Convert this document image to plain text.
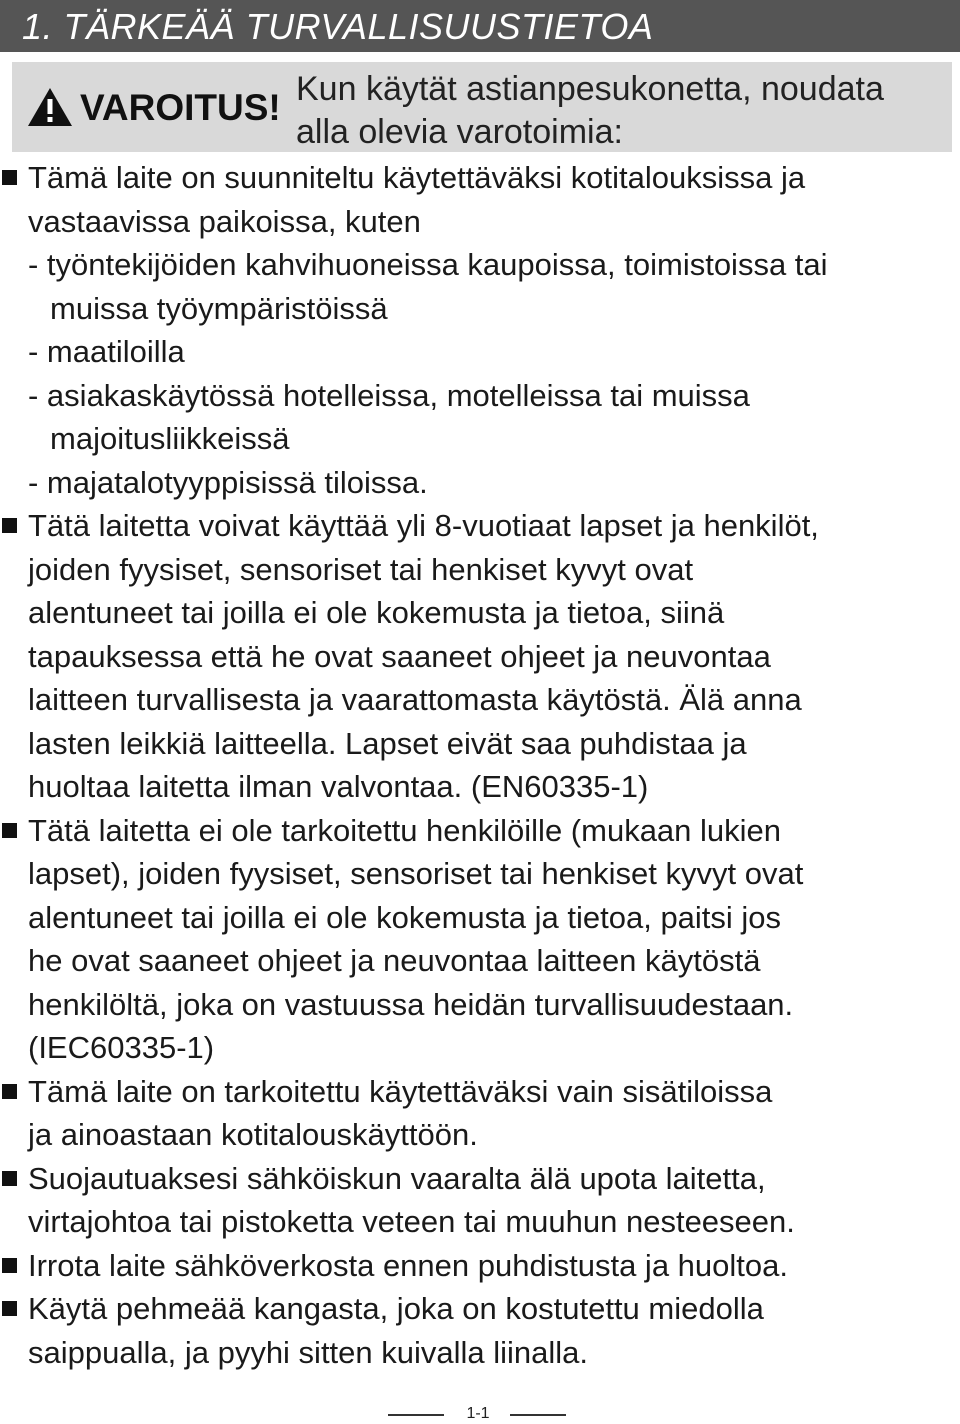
1. TÄRKEÄÄ TURVALLISUUSTIETOA
VAROITUS! Kun käytät astianpesukonetta, noudata
alla olevia varotoimia:
Tämä laite on suunniteltu käytettäväksi kotitalouksissa ja
vastaavissa paikoissa, kuten
- työntekijöiden kahvihuoneissa kaupoissa, toimistoissa tai
muissa työympäristöissä
- maatiloilla
- asiakaskäytössä hotelleissa, motelleissa tai muissa
majoitusliikkeissä
- majatalotyyppisissä tiloissa.
Tätä laitetta voivat käyttää yli 8-vuotiaat lapset ja henkilöt,
joiden fyysiset, sensoriset tai henkiset kyvyt ovat
alentuneet tai joilla ei ole kokemusta ja tietoa, siinä
tapauksessa että he ovat saaneet ohjeet ja neuvontaa
laitteen turvallisesta ja vaarattomasta käytöstä. Älä anna
lasten leikkiä laitteella. Lapset eivät saa puhdistaa ja
huoltaa laitetta ilman valvontaa. (EN60335-1)
Tätä laitetta ei ole tarkoitettu henkilöille (mukaan lukien
lapset), joiden fyysiset, sensoriset tai henkiset kyvyt ovat
alentuneet tai joilla ei ole kokemusta ja tietoa, paitsi jos
he ovat saaneet ohjeet ja neuvontaa laitteen käytöstä
henkilöltä, joka on vastuussa heidän turvallisuudestaan.
(IEC60335-1)
Tämä laite on tarkoitettu käytettäväksi vain sisätiloissa
ja ainoastaan kotitalouskäyttöön.
Suojautuaksesi sähköiskun vaaralta älä upota laitetta,
virtajohtoa tai pistoketta veteen tai muuhun nesteeseen.
Irrota laite sähköverkosta ennen puhdistusta ja huoltoa.
Käytä pehmeää kangasta, joka on kostutettu miedolla
saippualla, ja pyyhi sitten kuivalla liinalla.
1-1
